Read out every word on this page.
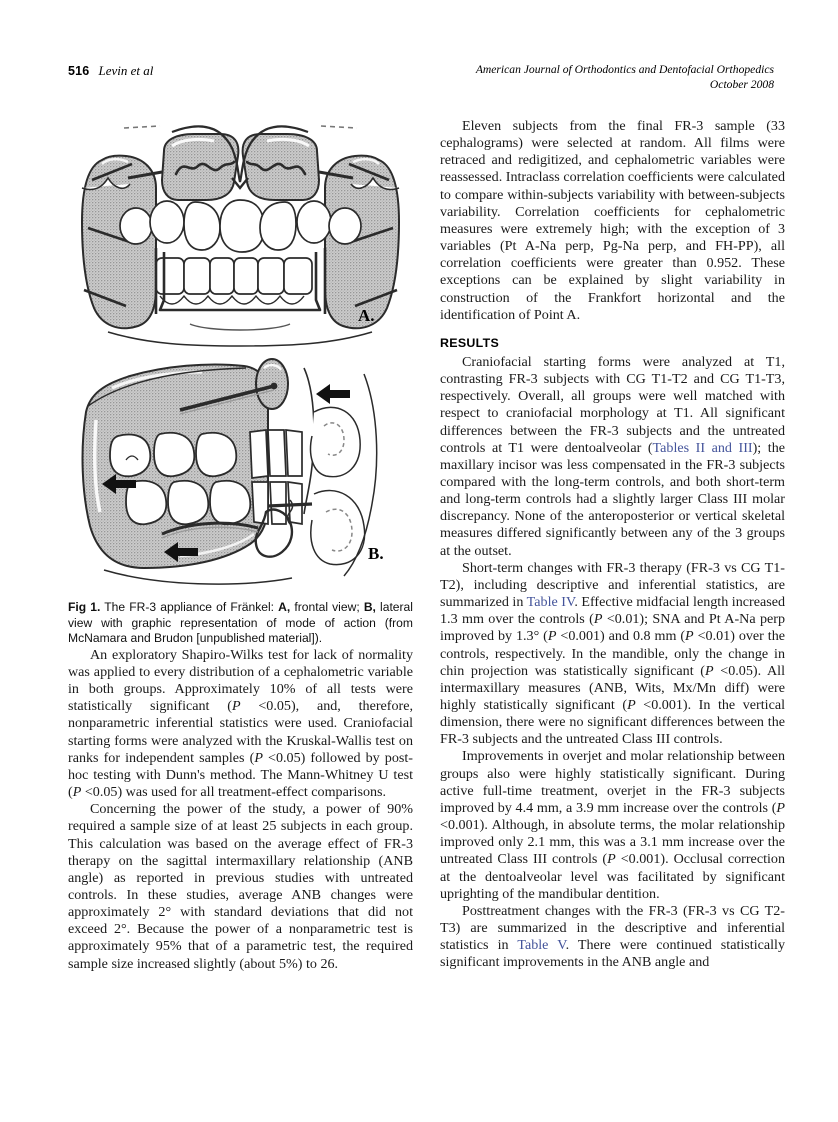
516 Levin et al	American Journal of Orthodontics and Dentofacial Orthopedics
October 2008
A.
B.
Fig 1. The FR-3 appliance of Fränkel: A, frontal view; B, lateral view with graphic representation of mode of action (from McNamara and Brudon [unpublished material]).

An exploratory Shapiro-Wilks test for lack of normality was applied to every distribution of a cephalometric variable in both groups. Approximately 10% of all tests were statistically significant (P <0.05), and, therefore, nonparametric inferential statistics were used. Craniofacial starting forms were analyzed with the Kruskal-Wallis test on ranks for independent samples (P <0.05) followed by post-hoc testing with Dunn's method. The Mann-Whitney U test (P <0.05) was used for all treatment-effect comparisons.

Concerning the power of the study, a power of 90% required a sample size of at least 25 subjects in each group. This calculation was based on the average effect of FR-3 therapy on the sagittal intermaxillary relationship (ANB angle) as reported in previous studies with untreated controls. In these studies, average ANB changes were approximately 2° with standard deviations that did not exceed 2°. Because the power of a nonparametric test is approximately 95% that of a parametric test, the required sample size increased slightly (about 5%) to 26.

Eleven subjects from the final FR-3 sample (33 cephalograms) were selected at random. All films were retraced and redigitized, and cephalometric variables were reassessed. Intraclass correlation coefficients were calculated to compare within-subjects variability with between-subjects variability. Correlation coefficients for cephalometric measures were extremely high; with the exception of 3 variables (Pt A-Na perp, Pg-Na perp, and FH-PP), all correlation coefficients were greater than 0.952. These exceptions can be explained by slight variability in construction of the Frankfort horizontal and the identification of Point A.

RESULTS

Craniofacial starting forms were analyzed at T1, contrasting FR-3 subjects with CG T1-T2 and CG T1-T3, respectively. Overall, all groups were well matched with respect to craniofacial morphology at T1. All significant differences between the FR-3 subjects and the untreated controls at T1 were dentoalveolar (Tables II and III); the maxillary incisor was less compensated in the FR-3 subjects compared with the long-term controls, and both short-term and long-term controls had a slightly larger Class III molar discrepancy. None of the anteroposterior or vertical skeletal measures differed significantly between any of the 3 groups at the outset.

Short-term changes with FR-3 therapy (FR-3 vs CG T1-T2), including descriptive and inferential statistics, are summarized in Table IV. Effective midfacial length increased 1.3 mm over the controls (P <0.01); SNA and Pt A-Na perp improved by 1.3° (P <0.001) and 0.8 mm (P <0.01) over the controls, respectively. In the mandible, only the change in chin projection was statistically significant (P <0.05). All intermaxillary measures (ANB, Wits, Mx/Mn diff) were highly statistically significant (P <0.001). In the vertical dimension, there were no significant differences between the FR-3 subjects and the untreated Class III controls.

Improvements in overjet and molar relationship between groups also were highly statistically significant. During active full-time treatment, overjet in the FR-3 subjects improved by 4.4 mm, a 3.9 mm increase over the controls (P <0.001). Although, in absolute terms, the molar relationship improved only 2.1 mm, this was a 3.1 mm increase over the untreated Class III controls (P <0.001). Occlusal correction at the dentoalveolar level was facilitated by significant uprighting of the mandibular dentition.

Posttreatment changes with the FR-3 (FR-3 vs CG T2-T3) are summarized in the descriptive and inferential statistics in Table V. There were continued statistically significant improvements in the ANB angle and
